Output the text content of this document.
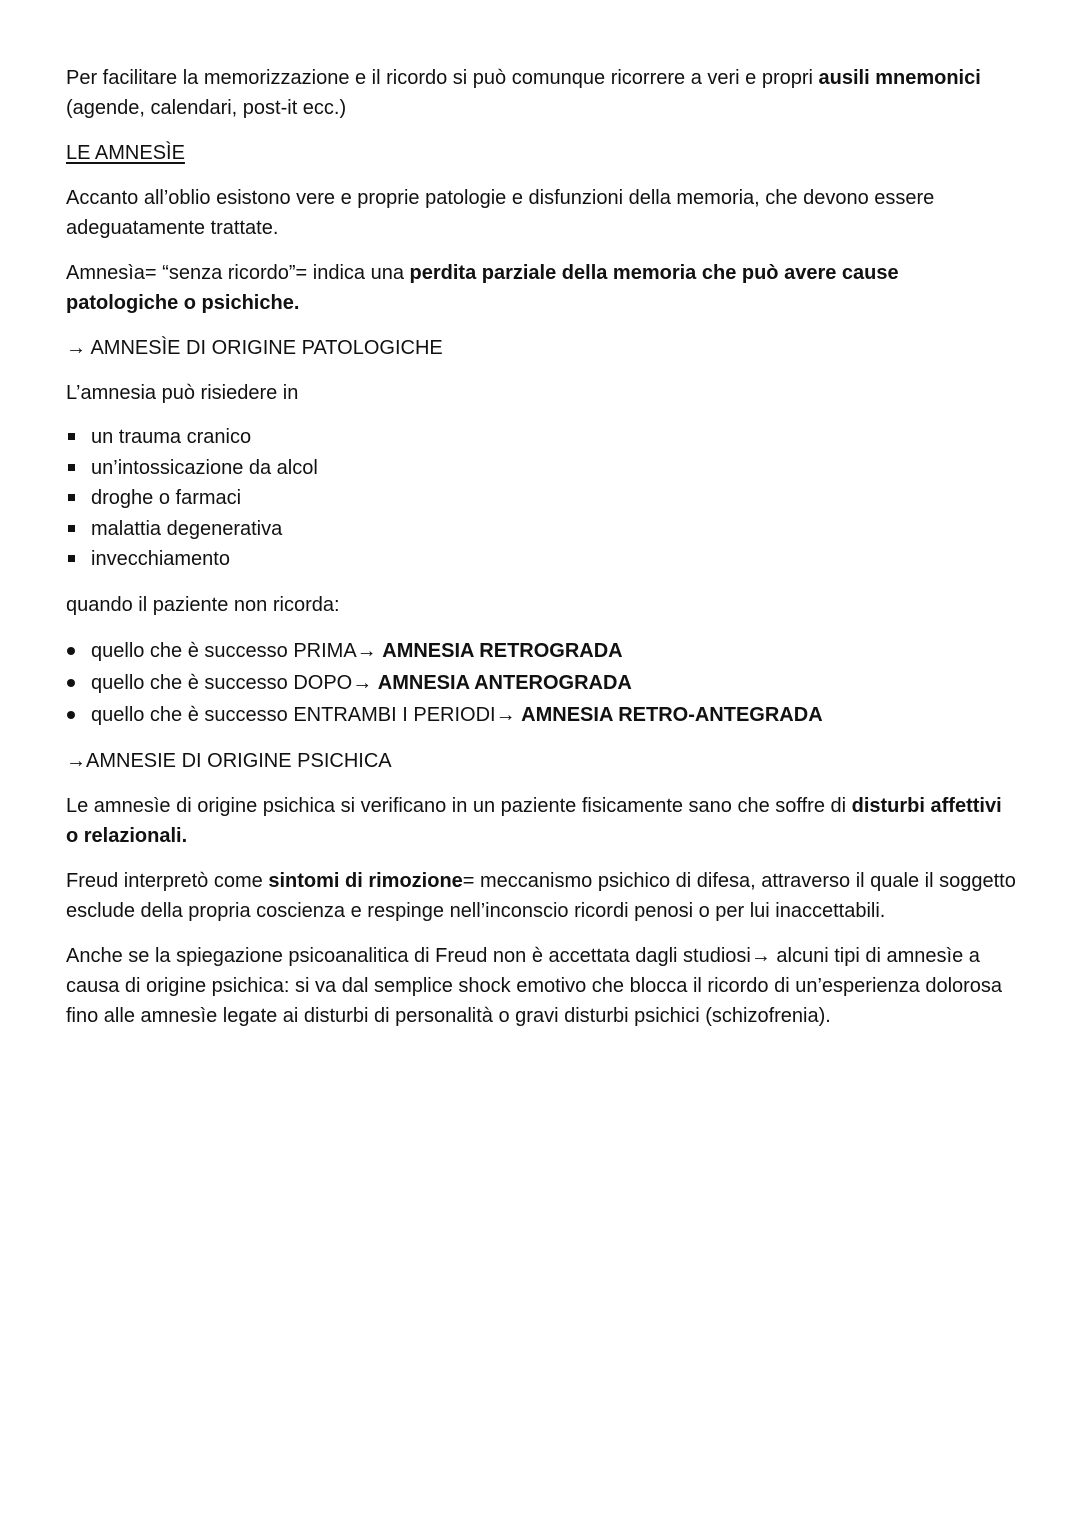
Per facilitare la memorizzazione e il ricordo si può comunque ricorrere a veri e propri ausili mnemonici (agende, calendari, post-it ecc.)

LE AMNESÌE

Accanto all’oblio esistono vere e proprie patologie e disfunzioni della memoria, che devono essere adeguatamente trattate.

Amnesìa= “senza ricordo”= indica una perdita parziale della memoria che può avere cause patologiche o psichiche.

→ AMNESÌE DI ORIGINE PATOLOGICHE

L’amnesia può risiedere in

un trauma cranico
un’intossicazione da alcol
droghe o farmaci
malattia degenerativa
invecchiamento

quando il paziente non ricorda:

quello che è successo PRIMA→ AMNESIA RETROGRADA
quello che è successo DOPO→ AMNESIA ANTEROGRADA
quello che è successo ENTRAMBI I PERIODI→ AMNESIA RETRO-ANTEGRADA

→AMNESIE DI ORIGINE PSICHICA

Le amnesìe di origine psichica si verificano in un paziente fisicamente sano che soffre di disturbi affettivi o relazionali.

Freud interpretò come sintomi di rimozione= meccanismo psichico di difesa, attraverso il quale il soggetto esclude della propria coscienza e respinge nell’inconscio ricordi penosi o per lui inaccettabili.

Anche se la spiegazione psicoanalitica di Freud non è accettata dagli studiosi→ alcuni tipi di amnesìe a causa di origine psichica: si va dal semplice shock emotivo che blocca il ricordo di un’esperienza dolorosa fino alle amnesìe legate ai disturbi di personalità o gravi disturbi psichici (schizofrenia).
